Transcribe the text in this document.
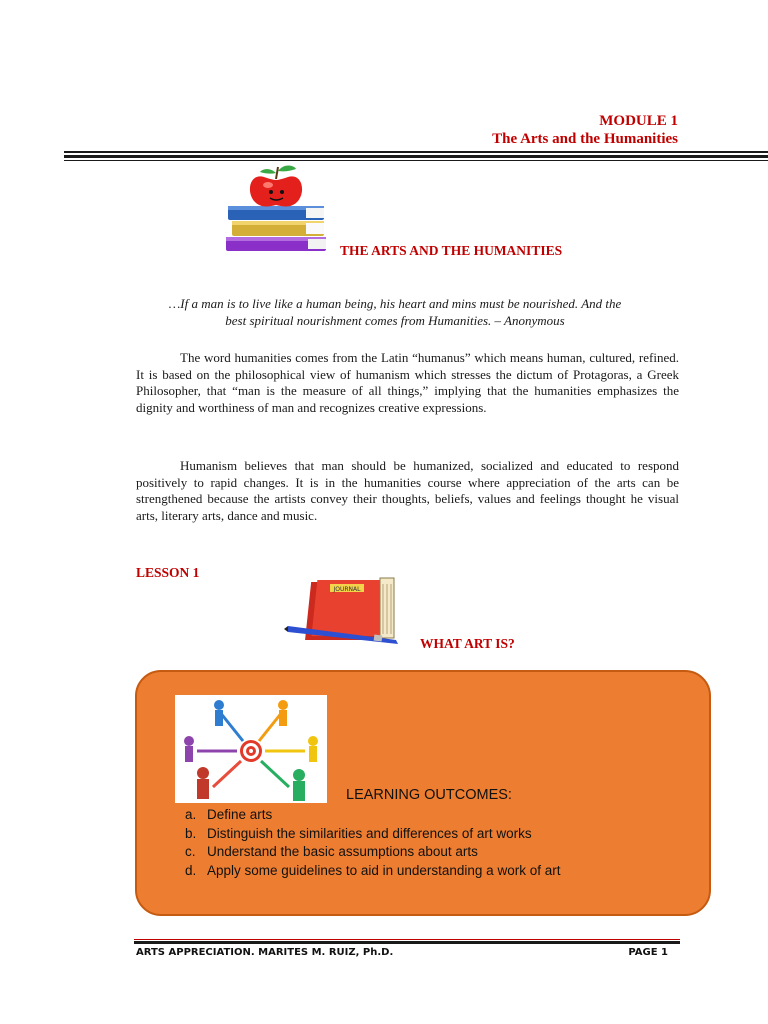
MODULE 1
The Arts and the Humanities
THE ARTS AND THE HUMANITIES
…If a man is to live like a human being, his heart and mins must be nourished. And the
best spiritual nourishment comes from Humanities. – Anonymous
The word humanities comes from the Latin “humanus” which means human, cultured, refined. It is based on the philosophical view of humanism which stresses the dictum of Protagoras, a Greek Philosopher, that “man is the measure of all things,” implying that the humanities emphasizes the dignity and worthiness of man and recognizes creative expressions.
Humanism believes that man should be humanized, socialized and educated to respond positively to rapid changes. It is in the humanities course where appreciation of the arts can be strengthened because the artists convey their thoughts, beliefs, values and feelings thought he visual arts, literary arts, dance and music.
LESSON 1
JOURNAL
WHAT ART IS?
LEARNING OUTCOMES:
a. Define arts
b. Distinguish the similarities and differences of art works
c. Understand the basic assumptions about arts
d. Apply some guidelines to aid in understanding a work of art
ARTS APPRECIATION. MARITES M. RUIZ, Ph.D.	PAGE 1
